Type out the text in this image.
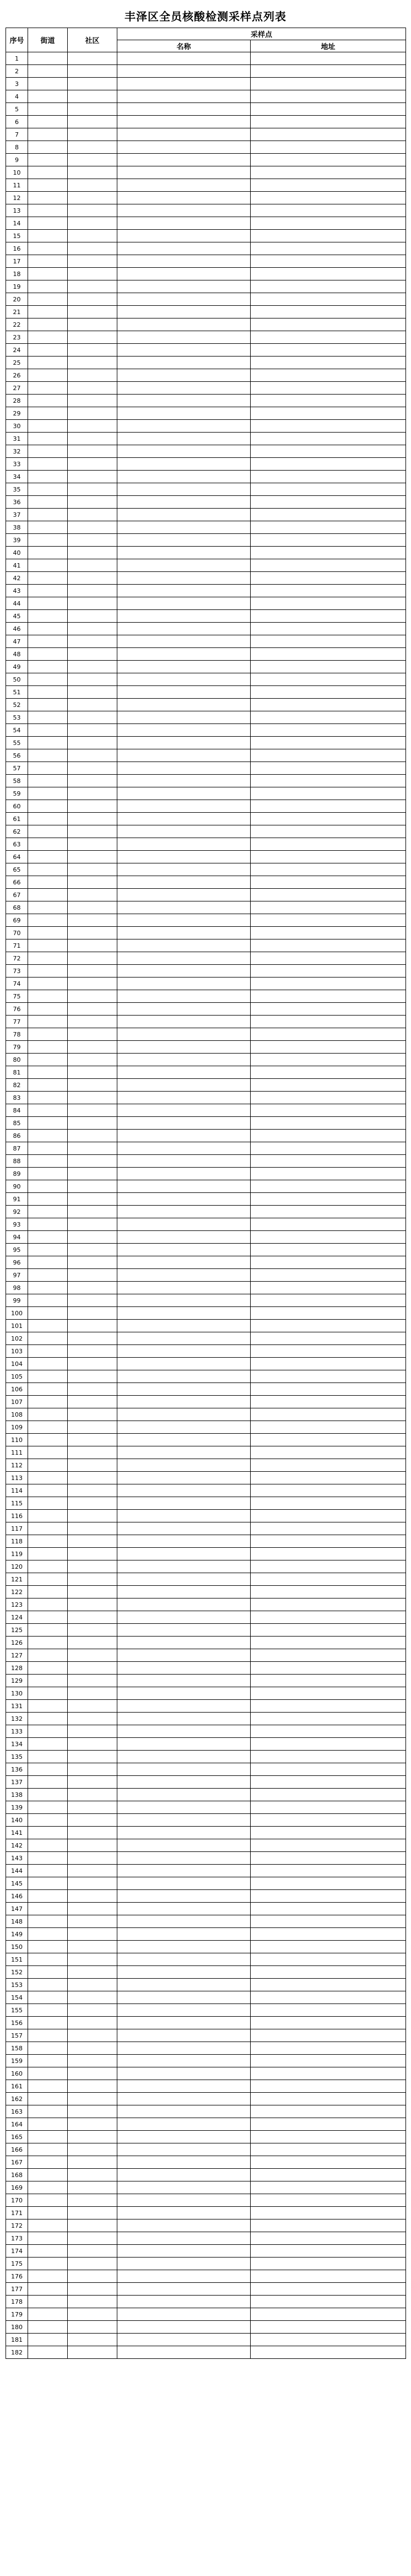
丰泽区全员核酸检测采样点列表
序号	街道	社区	采样点	
			名称	地址
1				
2				
3				
4				
5				
6				
7				
8				
9				
10				
11				
12				
13				
14				
15				
16				
17				
18				
19				
20				
21				
22				
23				
24				
25				
26				
27				
28				
29				
30				
31				
32				
33				
34				
35				
36				
37				
38				
39				
40				
41				
42				
43				
44				
45				
46				
47				
48				
49				
50				
51				
52				
53				
54				
55				
56				
57				
58				
59				
60				
61				
62				
63				
64				
65				
66				
67				
68				
69				
70				
71				
72				
73				
74				
75				
76				
77				
78				
79				
80				
81				
82				
83				
84				
85				
86				
87				
88				
89				
90				
91				
92				
93				
94				
95				
96				
97				
98				
99				
100				
101				
102				
103				
104				
105				
106				
107				
108				
109				
110				
111				
112				
113				
114				
115				
116				
117				
118				
119				
120				
121				
122				
123				
124				
125				
126				
127				
128				
129				
130				
131				
132				
133				
134				
135				
136				
137				
138				
139				
140				
141				
142				
143				
144				
145				
146				
147				
148				
149				
150				
151				
152				
153				
154				
155				
156				
157				
158				
159				
160				
161				
162				
163				
164				
165				
166				
167				
168				
169				
170				
171				
172				
173				
174				
175				
176				
177				
178				
179				
180				
181				
182				
